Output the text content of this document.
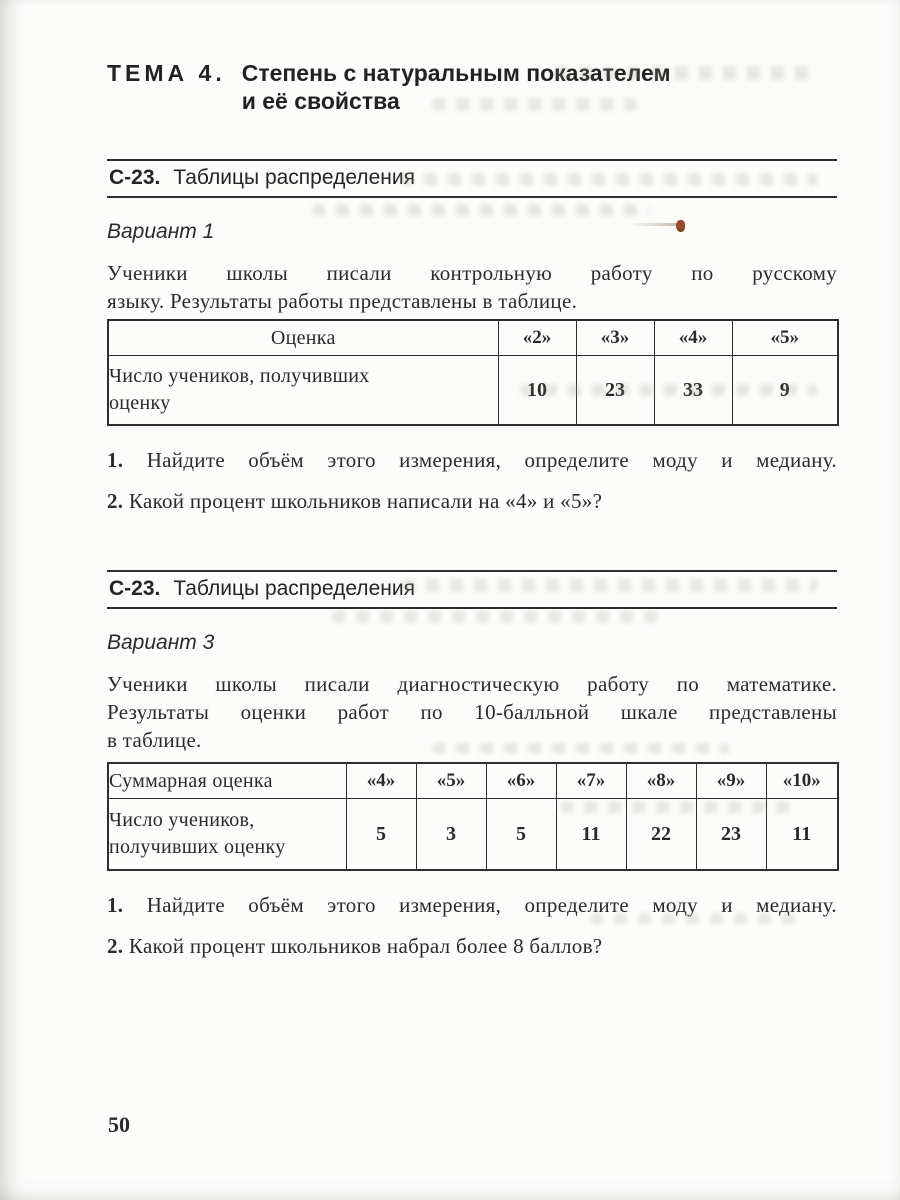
ТЕМА 4. Степень с натуральным показателем
и её свойства
С-23. Таблицы распределения
Вариант 1
Ученики школы писали контрольную работу по русскому
языку. Результаты работы представлены в таблице.
Оценка	«2»	«3»	«4»	«5»

Число учеников, получивших
оценку	10	23	33	9
1. Найдите объём этого измерения, определите моду и медиану.
2. Какой процент школьников написали на «4» и «5»?
С-23. Таблицы распределения
Вариант 3
Ученики школы писали диагностическую работу по математике.
Результаты оценки работ по 10-балльной шкале представлены
в таблице.
Суммарная оценка	«4»	«5»	«6»	«7»	«8»	«9»	«10»

Число учеников,
получивших оценку	5	3	5	11	22	23	11
1. Найдите объём этого измерения, определите моду и медиану.
2. Какой процент школьников набрал более 8 баллов?
50
